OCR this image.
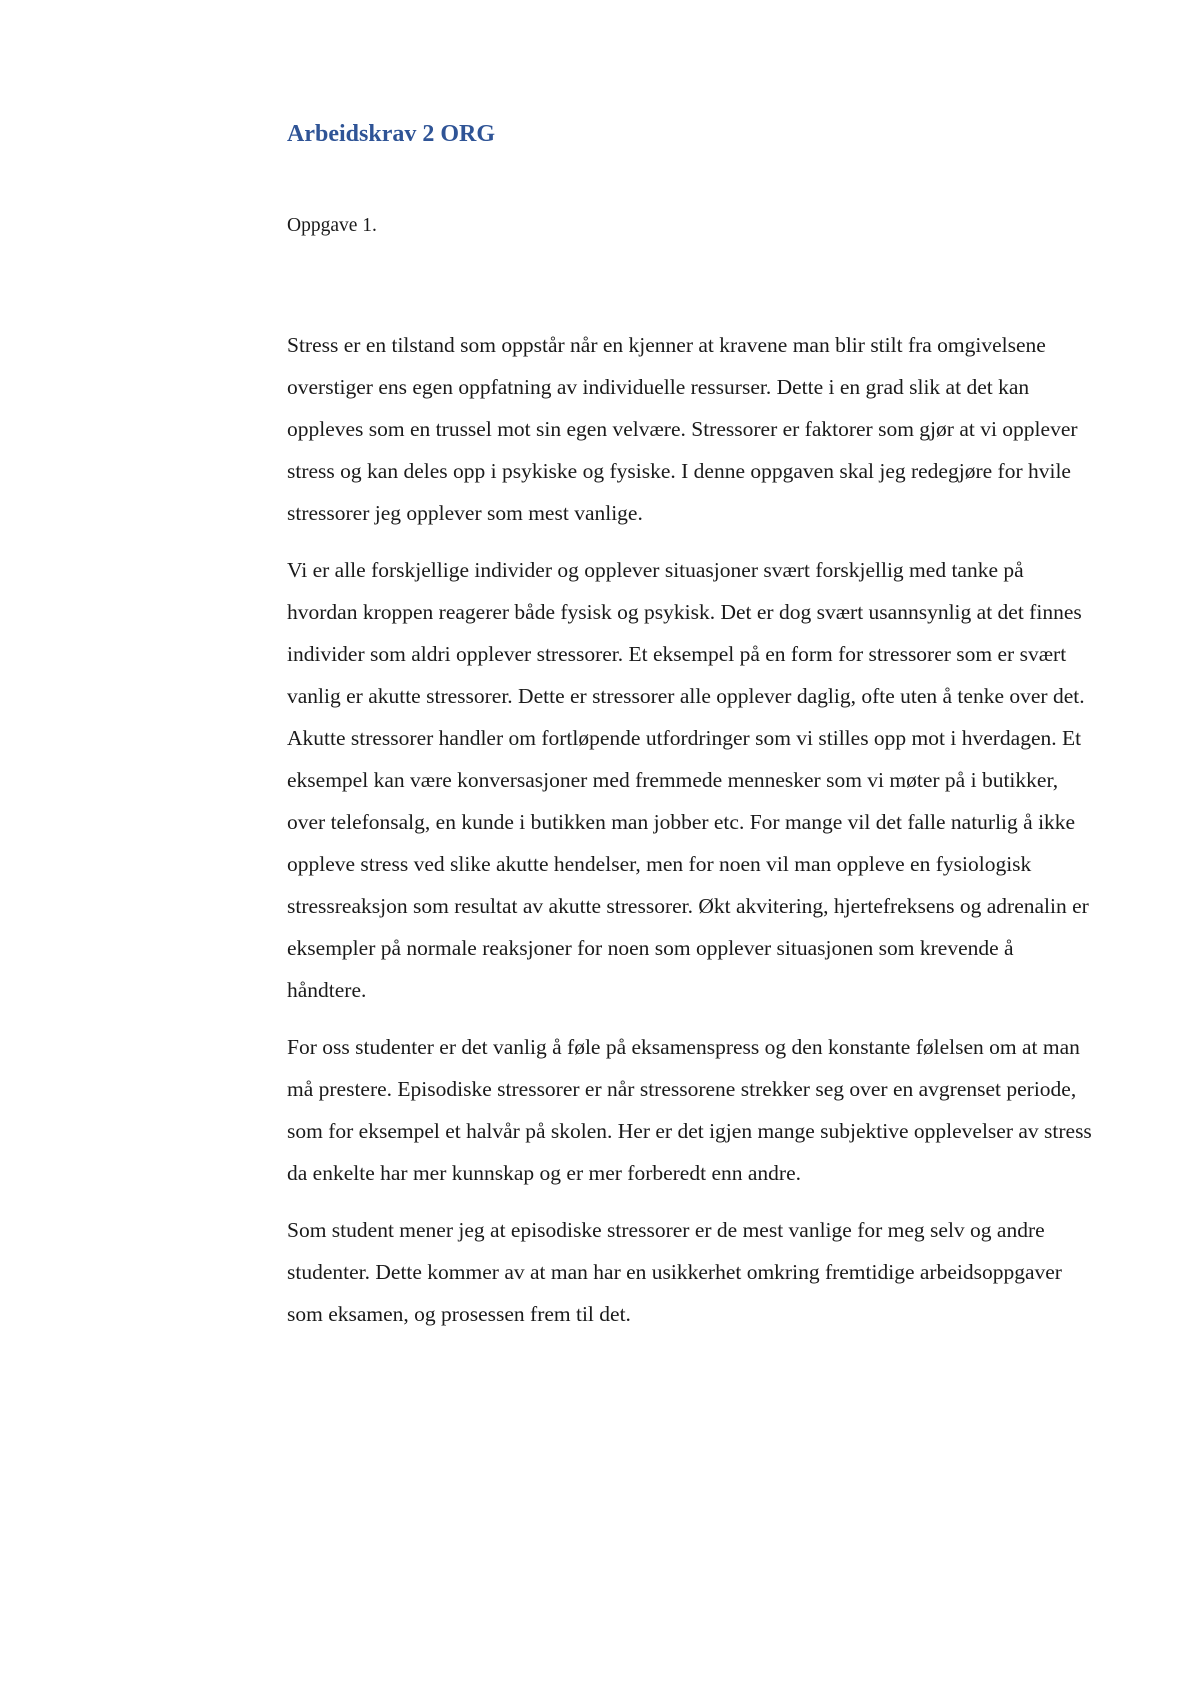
Arbeidskrav 2 ORG

Oppgave 1.

Stress er en tilstand som oppstår når en kjenner at kravene man blir stilt fra omgivelsene overstiger ens egen oppfatning av individuelle ressurser. Dette i en grad slik at det kan oppleves som en trussel mot sin egen velvære. Stressorer er faktorer som gjør at vi opplever stress og kan deles opp i psykiske og fysiske. I denne oppgaven skal jeg redegjøre for hvile stressorer jeg opplever som mest vanlige.

Vi er alle forskjellige individer og opplever situasjoner svært forskjellig med tanke på hvordan kroppen reagerer både fysisk og psykisk. Det er dog svært usannsynlig at det finnes individer som aldri opplever stressorer. Et eksempel på en form for stressorer som er svært vanlig er akutte stressorer. Dette er stressorer alle opplever daglig, ofte uten å tenke over det. Akutte stressorer handler om fortløpende utfordringer som vi stilles opp mot i hverdagen. Et eksempel kan være konversasjoner med fremmede mennesker som vi møter på i butikker, over telefonsalg, en kunde i butikken man jobber etc. For mange vil det falle naturlig å ikke oppleve stress ved slike akutte hendelser, men for noen vil man oppleve en fysiologisk stressreaksjon som resultat av akutte stressorer. Økt akvitering, hjertefreksens og adrenalin er eksempler på normale reaksjoner for noen som opplever situasjonen som krevende å håndtere.

For oss studenter er det vanlig å føle på eksamenspress og den konstante følelsen om at man må prestere. Episodiske stressorer er når stressorene strekker seg over en avgrenset periode, som for eksempel et halvår på skolen. Her er det igjen mange subjektive opplevelser av stress da enkelte har mer kunnskap og er mer forberedt enn andre.

Som student mener jeg at episodiske stressorer er de mest vanlige for meg selv og andre studenter. Dette kommer av at man har en usikkerhet omkring fremtidige arbeidsoppgaver som eksamen, og prosessen frem til det.
